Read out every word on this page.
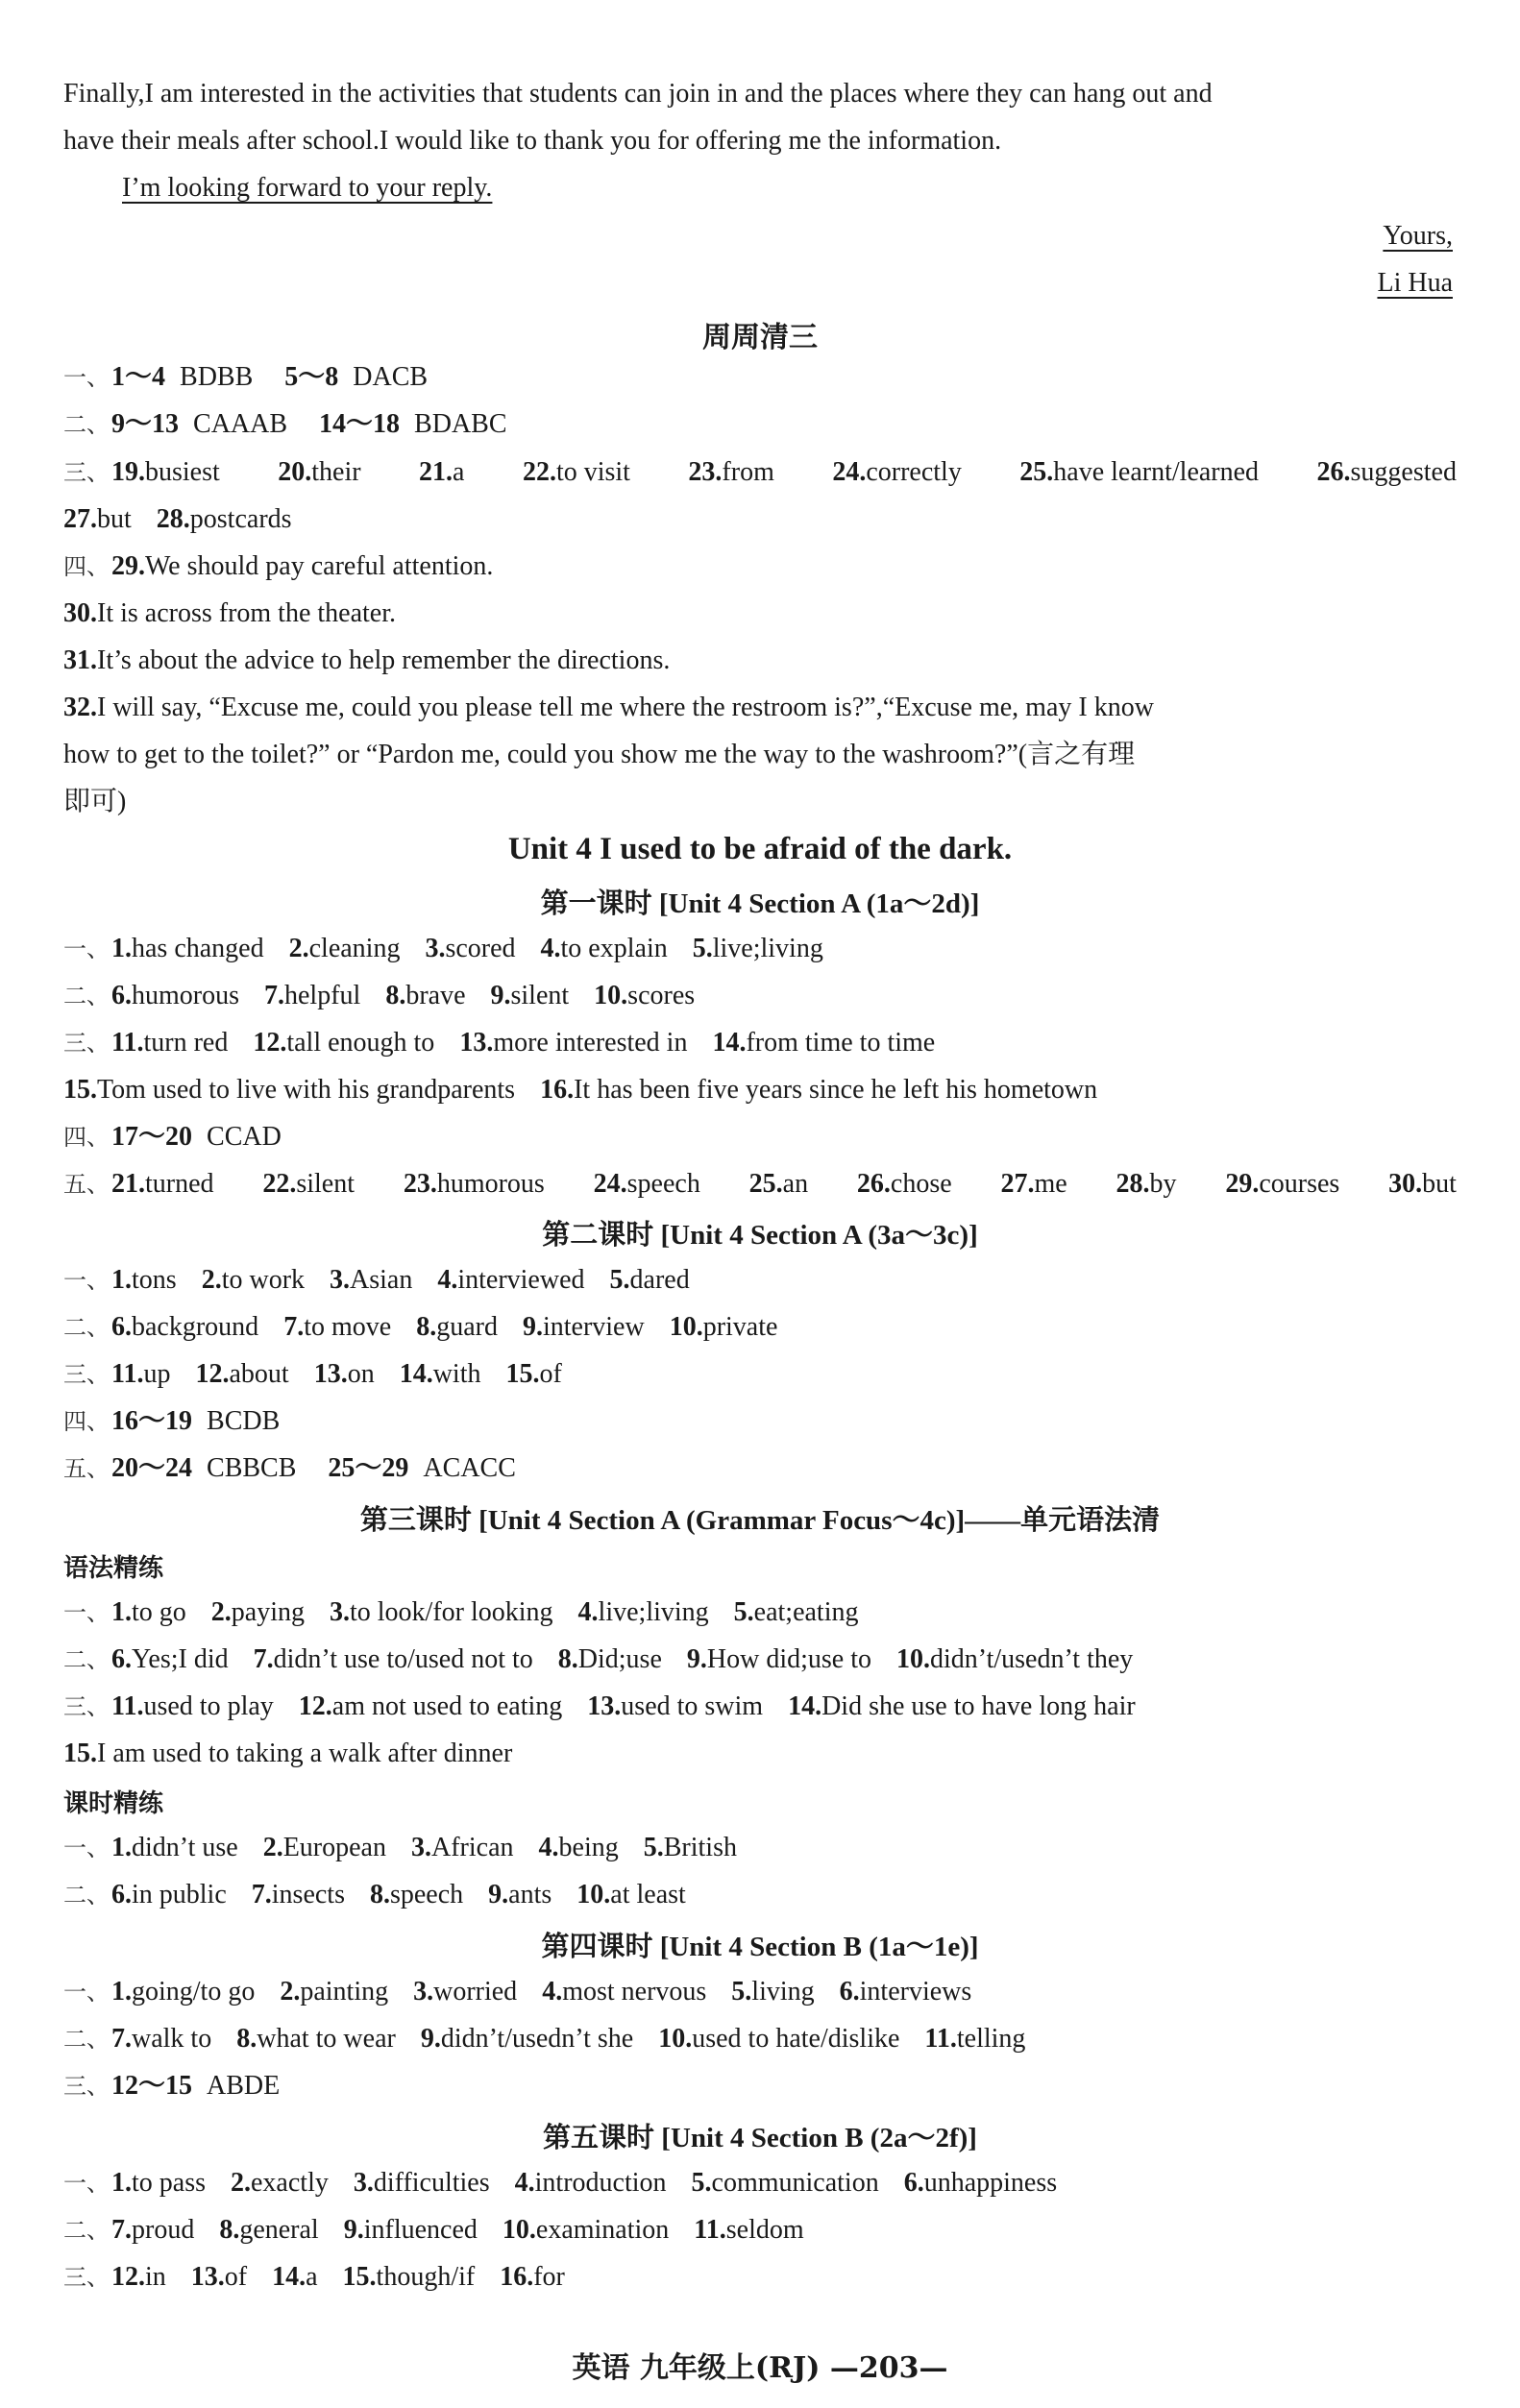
Finally,I am interested in the activities that students can join in and the places where they can hang out and
have their meals after school.I would like to thank you for offering me the information.
I’m looking forward to your reply.
Yours,
Li Hua
周周清三
一、1～4 BDBB 5～8 DACB
二、9～13 CAAAB 14～18 BDABC
三、19.busiest 20.their 21.a 22.to visit 23.from 24.correctly 25.have learnt/learned 26.suggested
27.but 28.postcards
四、29.We should pay careful attention.
30.It is across from the theater.
31.It’s about the advice to help remember the directions.
32.I will say, “Excuse me, could you please tell me where the restroom is?”,“Excuse me, may I know
how to get to the toilet?” or “Pardon me, could you show me the way to the washroom?”(言之有理
即可)
Unit 4 I used to be afraid of the dark.
第一课时 [Unit 4 Section A (1a～2d)]
一、1.has changed 2.cleaning 3.scored 4.to explain 5.live;living
二、6.humorous 7.helpful 8.brave 9.silent 10.scores
三、11.turn red 12.tall enough to 13.more interested in 14.from time to time
15.Tom used to live with his grandparents 16.It has been five years since he left his hometown
四、17～20 CCAD
五、21.turned 22.silent 23.humorous 24.speech 25.an 26.chose 27.me 28.by 29.courses 30.but
第二课时 [Unit 4 Section A (3a～3c)]
一、1.tons 2.to work 3.Asian 4.interviewed 5.dared
二、6.background 7.to move 8.guard 9.interview 10.private
三、11.up 12.about 13.on 14.with 15.of
四、16～19 BCDB
五、20～24 CBBCB 25～29 ACACC
第三课时 [Unit 4 Section A (Grammar Focus～4c)]——单元语法清
语法精练
一、1.to go 2.paying 3.to look/for looking 4.live;living 5.eat;eating
二、6.Yes;I did 7.didn’t use to/used not to 8.Did;use 9.How did;use to 10.didn’t/usedn’t they
三、11.used to play 12.am not used to eating 13.used to swim 14.Did she use to have long hair
15.I am used to taking a walk after dinner
课时精练
一、1.didn’t use 2.European 3.African 4.being 5.British
二、6.in public 7.insects 8.speech 9.ants 10.at least
第四课时 [Unit 4 Section B (1a～1e)]
一、1.going/to go 2.painting 3.worried 4.most nervous 5.living 6.interviews
二、7.walk to 8.what to wear 9.didn’t/usedn’t she 10.used to hate/dislike 11.telling
三、12～15 ABDE
第五课时 [Unit 4 Section B (2a～2f)]
一、1.to pass 2.exactly 3.difficulties 4.introduction 5.communication 6.unhappiness
二、7.proud 8.general 9.influenced 10.examination 11.seldom
三、12.in 13.of 14.a 15.though/if 16.for
英语 九年级上(RJ) —203—
